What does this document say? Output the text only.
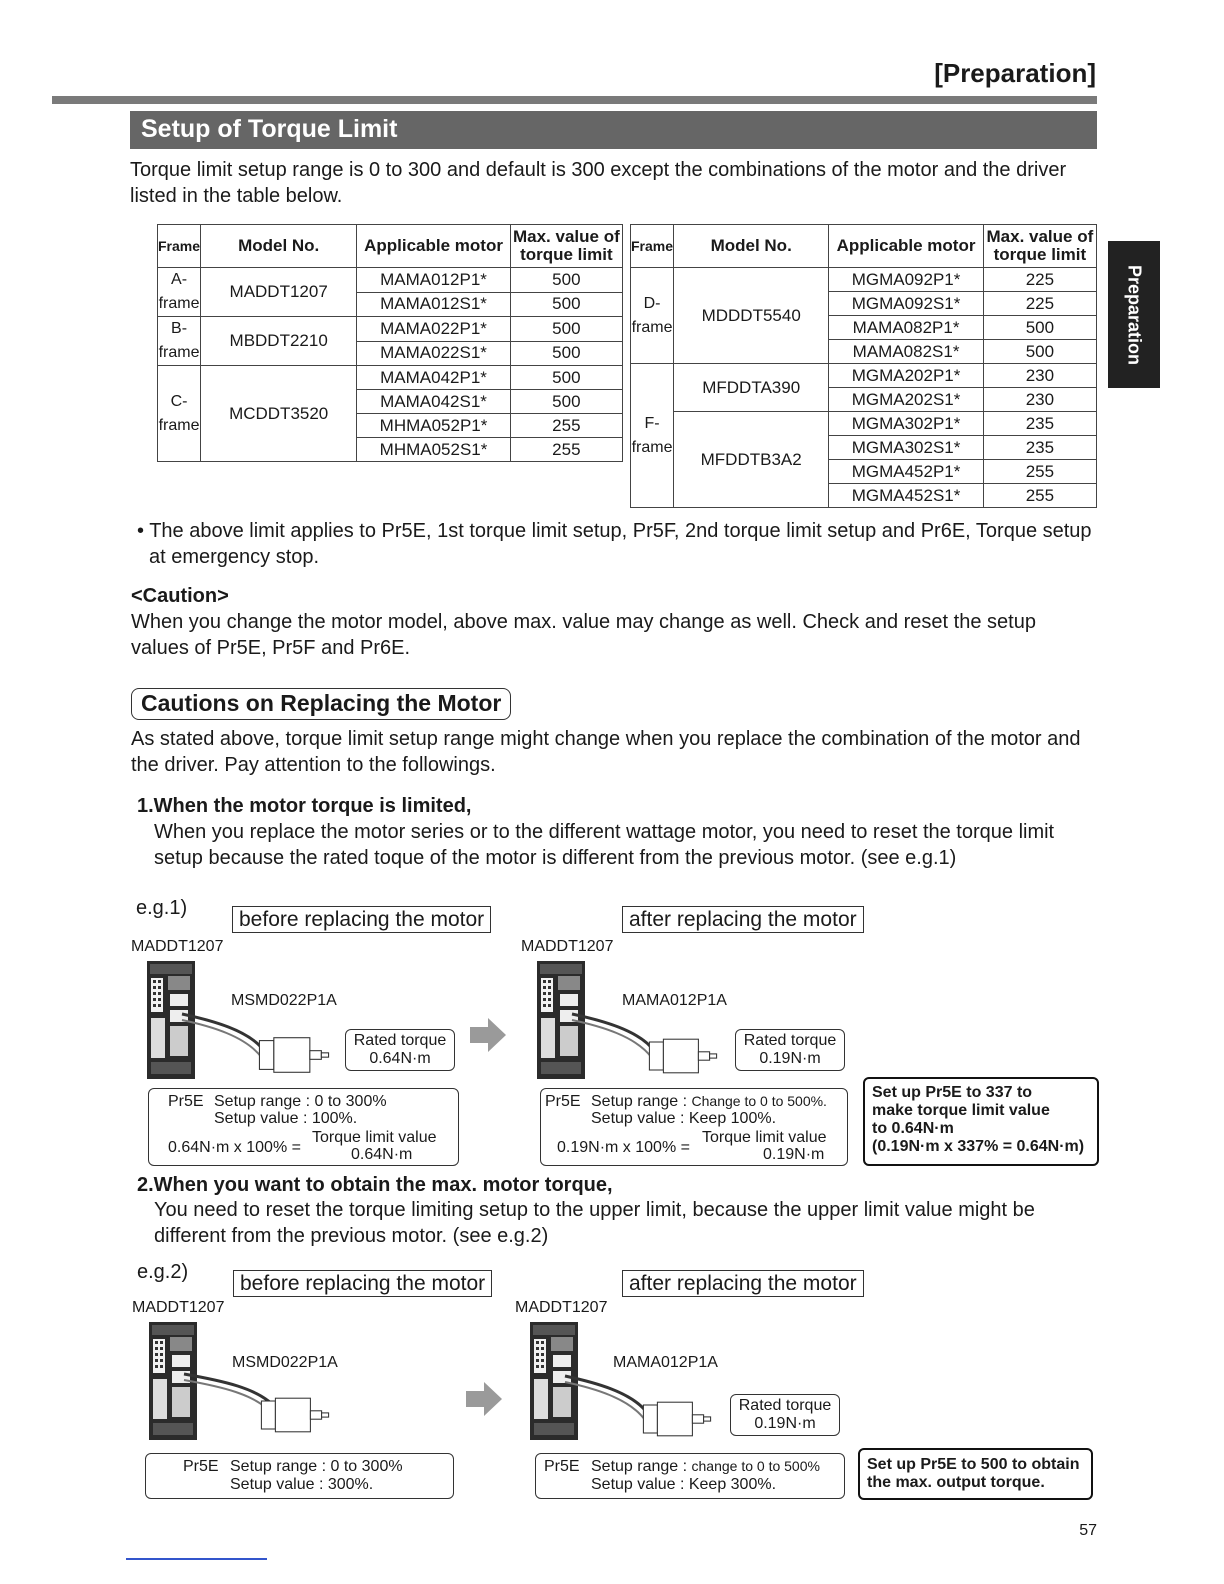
[Preparation]
Preparation
Setup of Torque Limit
Torque limit setup range is 0 to 300 and default is 300 except the combinations of the motor and the driver listed in the table below.
Frame	Model No.	Applicable motor	Max. value of torque limit
A-frame	MADDT1207	MAMA012P1*	500
		MAMA012S1*	500
B-frame	MBDDT2210	MAMA022P1*	500
		MAMA022S1*	500
C-frame	MCDDT3520	MAMA042P1*	500
		MAMA042S1*	500
		MHMA052P1*	255
		MHMA052S1*	255
Frame	Model No.	Applicable motor	Max. value of torque limit
D-frame	MDDDT5540	MGMA092P1*	225
		MGMA092S1*	225
		MAMA082P1*	500
		MAMA082S1*	500
F-frame	MFDDTA390	MGMA202P1*	230
		MGMA202S1*	230
	MFDDTB3A2	MGMA302P1*	235
		MGMA302S1*	235
		MGMA452P1*	255
		MGMA452S1*	255
• The above limit applies to Pr5E, 1st torque limit setup, Pr5F, 2nd torque limit setup and Pr6E, Torque setup at emergency stop.
<Caution>
When you change the motor model, above max. value may change as well. Check and reset the setup values of Pr5E, Pr5F and Pr6E.
Cautions on Replacing the Motor
As stated above, torque limit setup range might change when you replace the combination of the motor and the driver. Pay attention to the followings.
1.When the motor torque is limited,
When you replace the motor series or to the different wattage motor, you need to reset the torque limit setup because the rated toque of the motor is different from the previous motor. (see e.g.1)
e.g.1)	before replacing the motor	after replacing the motor
MADDT1207
MSMD022P1A
Rated torque
0.64N·m
Pr5E Setup range : 0 to 300%
Setup value : 100%.
0.64N·m x 100% =
Torque limit value
0.64N·m
MADDT1207
MAMA012P1A
Rated torque
0.19N·m
Pr5E Setup range : Change to 0 to 500%.
Setup value : Keep 100%.
0.19N·m x 100% =
Torque limit value
0.19N·m
Set up Pr5E to 337 to
make torque limit value
to 0.64N·m
(0.19N·m x 337% = 0.64N·m)
2.When you want to obtain the max. motor torque,
You need to reset the torque limiting setup to the upper limit, because the upper limit value might be different from the previous motor. (see e.g.2)
e.g.2)	before replacing the motor	after replacing the motor
MADDT1207
MSMD022P1A
Pr5E Setup range : 0 to 300%
Setup value : 300%.
MADDT1207
MAMA012P1A
Rated torque
0.19N·m
Pr5E Setup range : change to 0 to 500%
Setup value : Keep 300%.
Set up Pr5E to 500 to obtain
the max. output torque.
57
